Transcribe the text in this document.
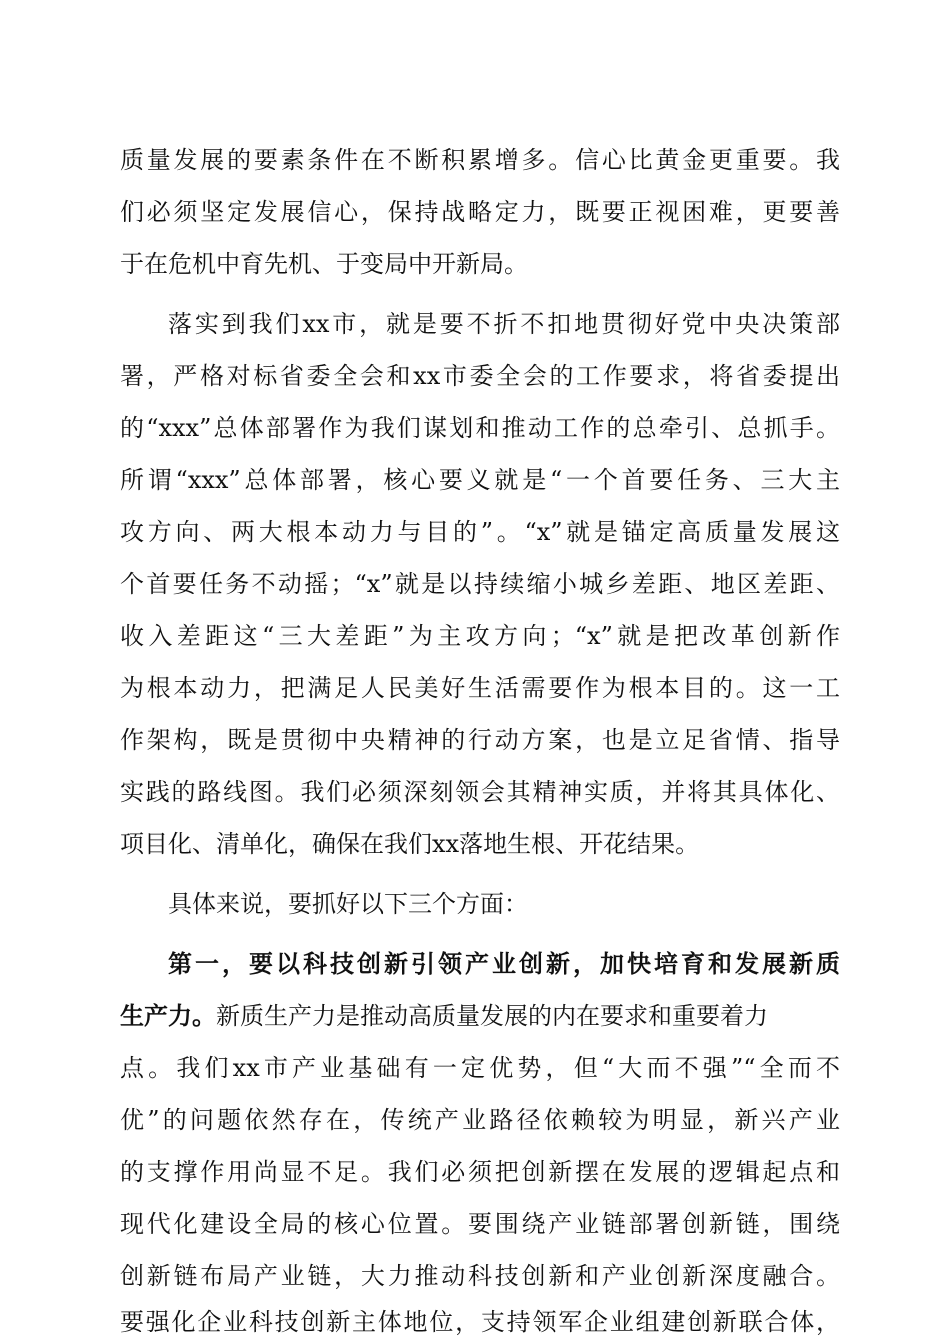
质量发展的要素条件在不断积累增多。信心比黄金更重要。我
们必须坚定发展信心，保持战略定力，既要正视困难，更要善
于在危机中育先机、于变局中开新局。
落实到我们xx市，就是要不折不扣地贯彻好党中央决策部
署，严格对标省委全会和xx市委全会的工作要求，将省委提出
的“xxx”总体部署作为我们谋划和推动工作的总牵引、总抓手。
所谓“xxx”总体部署，核心要义就是“一个首要任务、三大主
攻方向、两大根本动力与目的”。“x”就是锚定高质量发展这
个首要任务不动摇；“x”就是以持续缩小城乡差距、地区差距、
收入差距这“三大差距”为主攻方向；“x”就是把改革创新作
为根本动力，把满足人民美好生活需要作为根本目的。这一工
作架构，既是贯彻中央精神的行动方案，也是立足省情、指导
实践的路线图。我们必须深刻领会其精神实质，并将其具体化、
项目化、清单化，确保在我们xx落地生根、开花结果。
具体来说，要抓好以下三个方面：
第一，要以科技创新引领产业创新，加快培育和发展新质
生产力。新质生产力是推动高质量发展的内在要求和重要着力
点。我们xx市产业基础有一定优势，但“大而不强”“全而不
优”的问题依然存在，传统产业路径依赖较为明显，新兴产业
的支撑作用尚显不足。我们必须把创新摆在发展的逻辑起点和
现代化建设全局的核心位置。要围绕产业链部署创新链，围绕
创新链布局产业链，大力推动科技创新和产业创新深度融合。
要强化企业科技创新主体地位，支持领军企业组建创新联合体，
